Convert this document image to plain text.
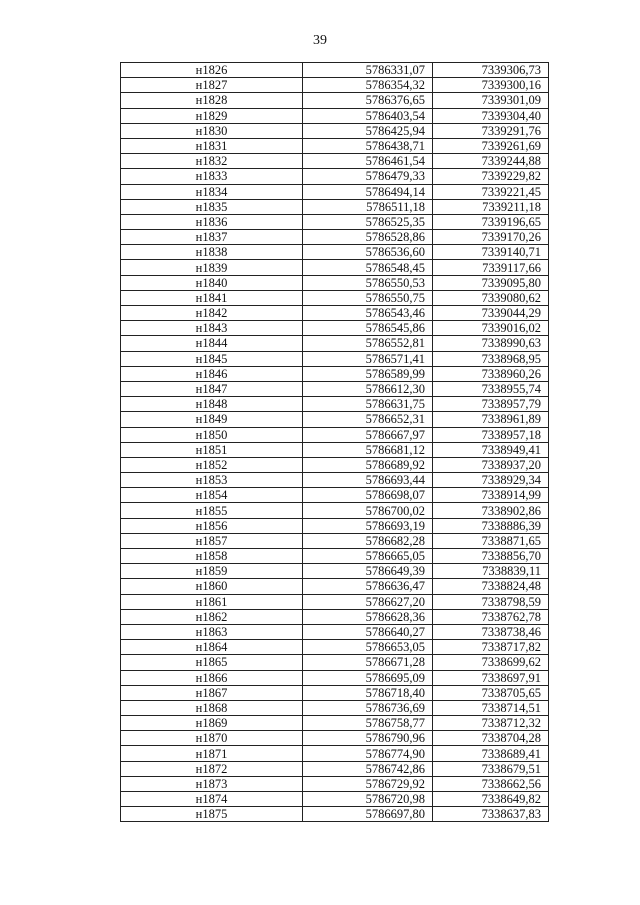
39
н1826	5786331,07	7339306,73
н1827	5786354,32	7339300,16
н1828	5786376,65	7339301,09
н1829	5786403,54	7339304,40
н1830	5786425,94	7339291,76
н1831	5786438,71	7339261,69
н1832	5786461,54	7339244,88
н1833	5786479,33	7339229,82
н1834	5786494,14	7339221,45
н1835	5786511,18	7339211,18
н1836	5786525,35	7339196,65
н1837	5786528,86	7339170,26
н1838	5786536,60	7339140,71
н1839	5786548,45	7339117,66
н1840	5786550,53	7339095,80
н1841	5786550,75	7339080,62
н1842	5786543,46	7339044,29
н1843	5786545,86	7339016,02
н1844	5786552,81	7338990,63
н1845	5786571,41	7338968,95
н1846	5786589,99	7338960,26
н1847	5786612,30	7338955,74
н1848	5786631,75	7338957,79
н1849	5786652,31	7338961,89
н1850	5786667,97	7338957,18
н1851	5786681,12	7338949,41
н1852	5786689,92	7338937,20
н1853	5786693,44	7338929,34
н1854	5786698,07	7338914,99
н1855	5786700,02	7338902,86
н1856	5786693,19	7338886,39
н1857	5786682,28	7338871,65
н1858	5786665,05	7338856,70
н1859	5786649,39	7338839,11
н1860	5786636,47	7338824,48
н1861	5786627,20	7338798,59
н1862	5786628,36	7338762,78
н1863	5786640,27	7338738,46
н1864	5786653,05	7338717,82
н1865	5786671,28	7338699,62
н1866	5786695,09	7338697,91
н1867	5786718,40	7338705,65
н1868	5786736,69	7338714,51
н1869	5786758,77	7338712,32
н1870	5786790,96	7338704,28
н1871	5786774,90	7338689,41
н1872	5786742,86	7338679,51
н1873	5786729,92	7338662,56
н1874	5786720,98	7338649,82
н1875	5786697,80	7338637,83
